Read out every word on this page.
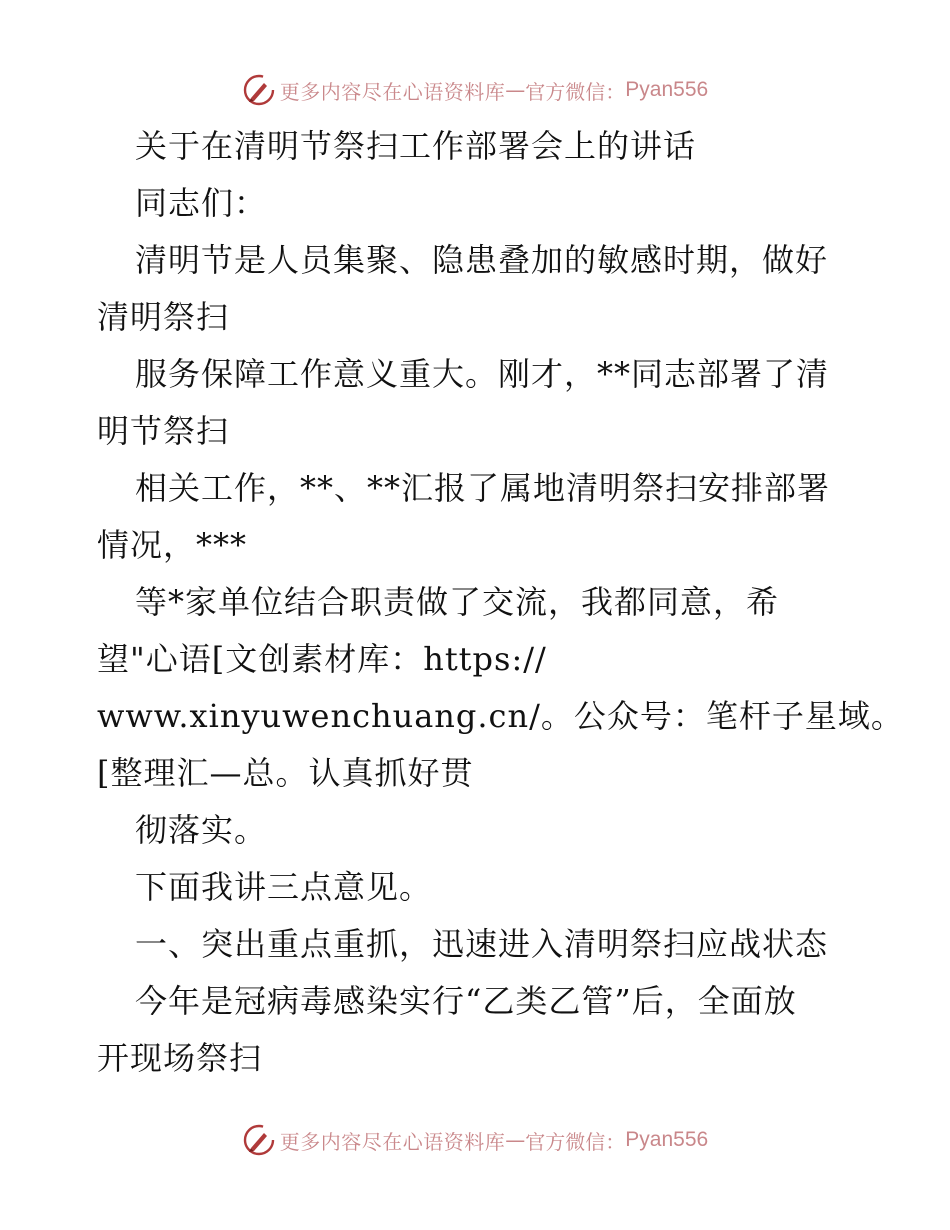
更多内容尽在心语资料库 — 官方微信： Pyan556
关于在清明节祭扫工作部署会上的讲话
同志们：
清明节是人员集聚、隐患叠加的敏感时期，做好
清明祭扫
服务保障工作意义重大。刚才，**同志部署了清
明节祭扫
相关工作，**、**汇报了属地清明祭扫安排部署
情况，***
等*家单位结合职责做了交流，我都同意，希
望"心语[文创素材库：https://
www.xinyuwenchuang.cn/。公众号：笔杆子星域。
[整理汇—总。认真抓好贯
彻落实。
下面我讲三点意见。
一、突出重点重抓，迅速进入清明祭扫应战状态
今年是冠病毒感染实行“乙类乙管”后，全面放
开现场祭扫
更多内容尽在心语资料库 — 官方微信： Pyan556
